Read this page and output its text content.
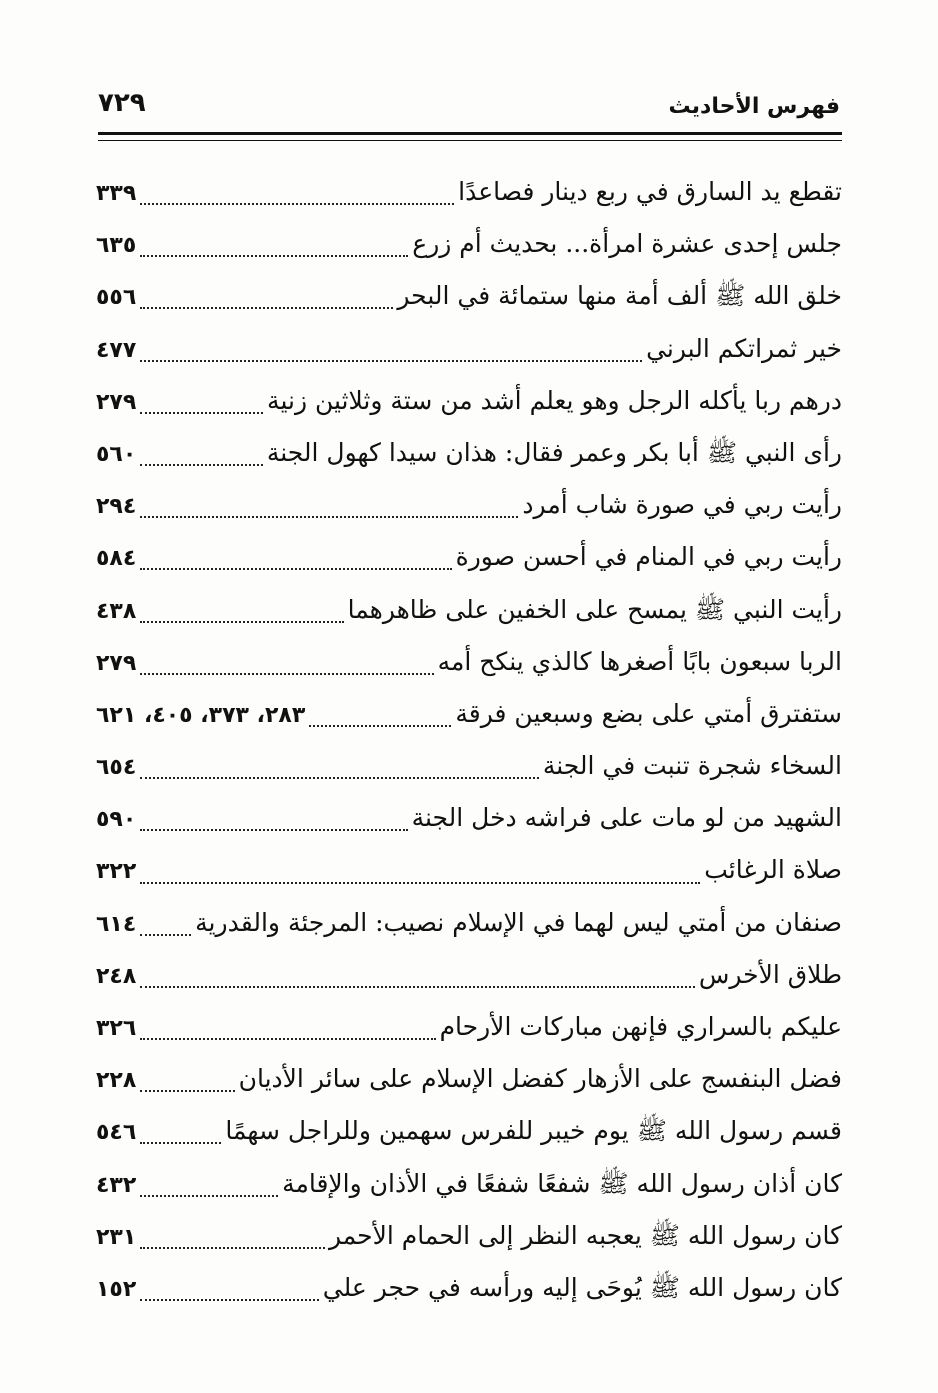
فهرس الأحاديث
٧٢٩
تقطع يد السارق في ربع دينار فصاعدًا
٣٣٩
جلس إحدى عشرة امرأة... بحديث أم زرع
٦٣٥
خلق الله ﷺ ألف أمة منها ستمائة في البحر
٥٥٦
خير ثمراتكم البرني
٤٧٧
درهم ربا يأكله الرجل وهو يعلم أشد من ستة وثلاثين زنية
٢٧٩
رأى النبي ﷺ أبا بكر وعمر فقال: هذان سيدا كهول الجنة
٥٦٠
رأيت ربي في صورة شاب أمرد
٢٩٤
رأيت ربي في المنام في أحسن صورة
٥٨٤
رأيت النبي ﷺ يمسح على الخفين على ظاهرهما
٤٣٨
الربا سبعون بابًا أصغرها كالذي ينكح أمه
٢٧٩
ستفترق أمتي على بضع وسبعين فرقة
٢٨٣، ٣٧٣، ٤٠٥، ٦٢١
السخاء شجرة تنبت في الجنة
٦٥٤
الشهيد من لو مات على فراشه دخل الجنة
٥٩٠
صلاة الرغائب
٣٢٢
صنفان من أمتي ليس لهما في الإسلام نصيب: المرجئة والقدرية
٦١٤
طلاق الأخرس
٢٤٨
عليكم بالسراري فإنهن مباركات الأرحام
٣٢٦
فضل البنفسج على الأزهار كفضل الإسلام على سائر الأديان
٢٢٨
قسم رسول الله ﷺ يوم خيبر للفرس سهمين وللراجل سهمًا
٥٤٦
كان أذان رسول الله ﷺ شفعًا شفعًا في الأذان والإقامة
٤٣٢
كان رسول الله ﷺ يعجبه النظر إلى الحمام الأحمر
٢٣١
كان رسول الله ﷺ يُوحَى إليه ورأسه في حجر علي
١٥٢
